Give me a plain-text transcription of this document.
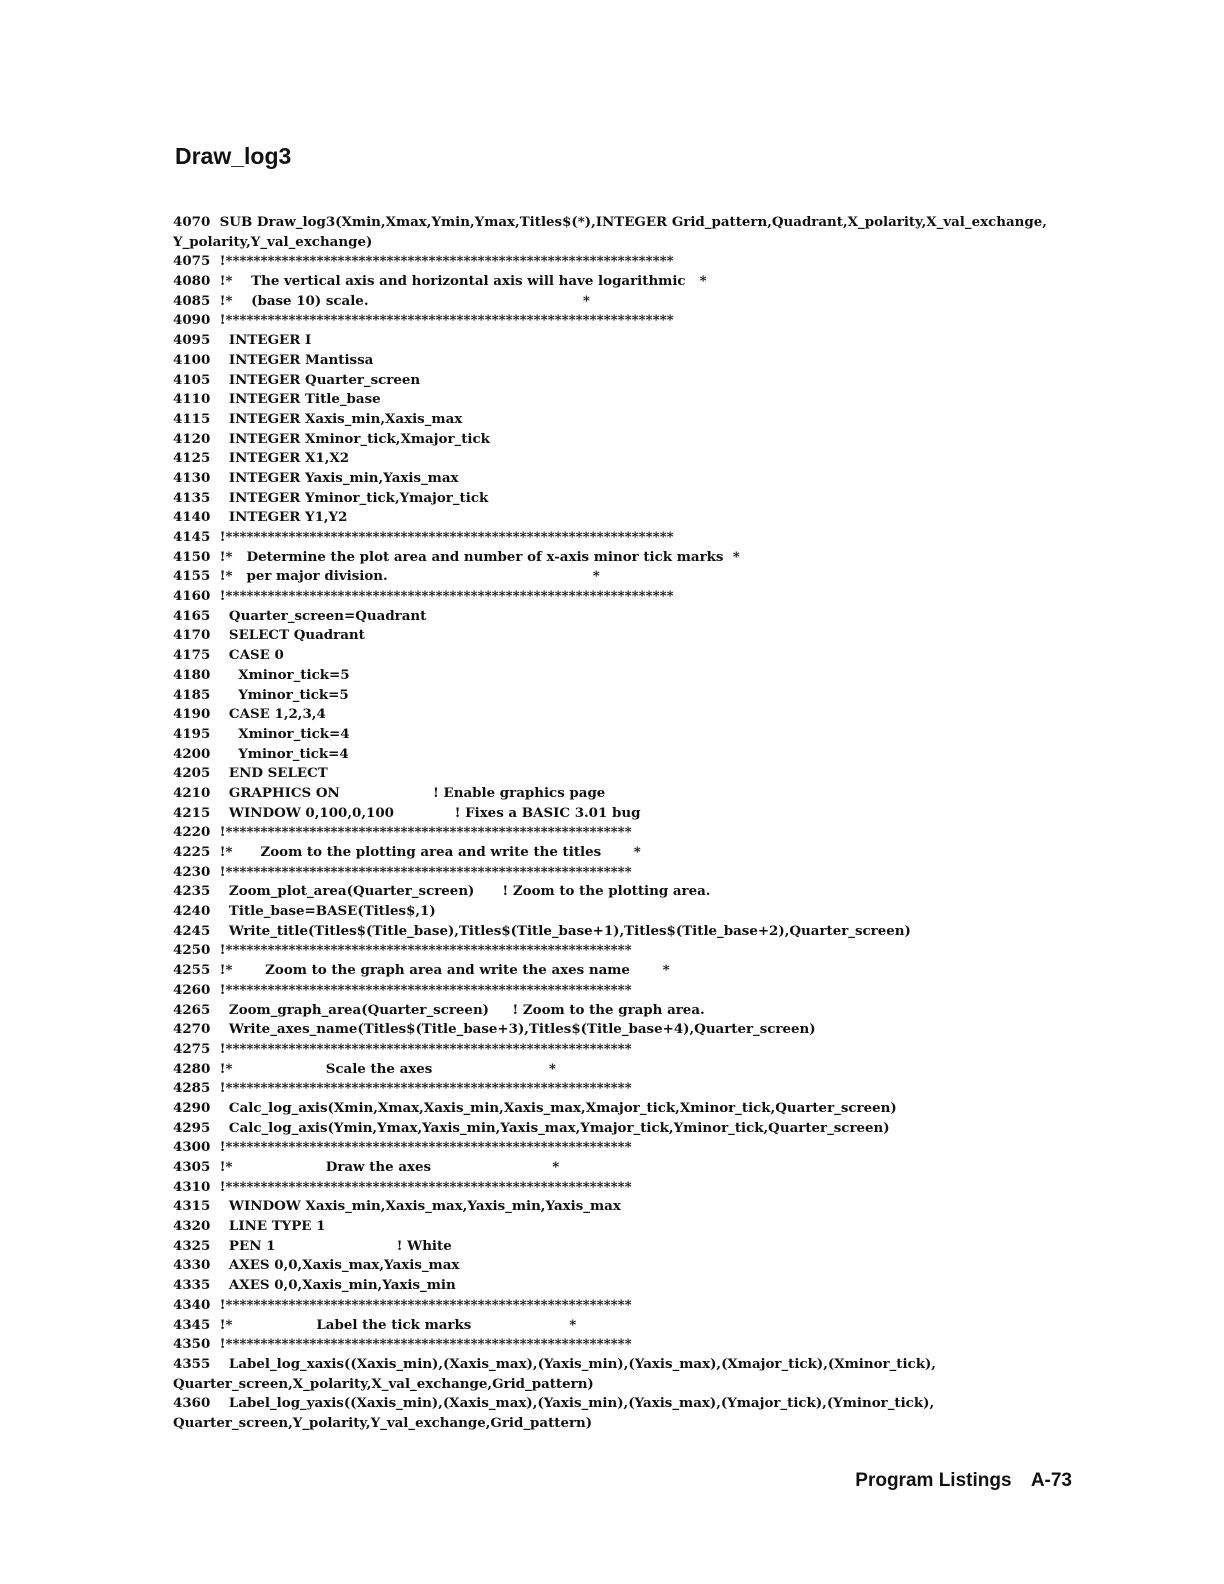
Draw_log3
4070  SUB Draw_log3(Xmin,Xmax,Ymin,Ymax,Titles$(*),INTEGER Grid_pattern,Quadrant,X_polarity,X_val_exchange,
Y_polarity,Y_val_exchange)
4075  !****************************************************************
4080  !*    The vertical axis and horizontal axis will have logarithmic   *
4085  !*    (base 10) scale.                                              *
4090  !****************************************************************
4095    INTEGER I
4100    INTEGER Mantissa
4105    INTEGER Quarter_screen
4110    INTEGER Title_base
4115    INTEGER Xaxis_min,Xaxis_max
4120    INTEGER Xminor_tick,Xmajor_tick
4125    INTEGER X1,X2
4130    INTEGER Yaxis_min,Yaxis_max
4135    INTEGER Yminor_tick,Ymajor_tick
4140    INTEGER Y1,Y2
4145  !****************************************************************
4150  !*   Determine the plot area and number of x-axis minor tick marks  *
4155  !*   per major division.                                            *
4160  !****************************************************************
4165    Quarter_screen=Quadrant
4170    SELECT Quadrant
4175    CASE 0
4180      Xminor_tick=5
4185      Yminor_tick=5
4190    CASE 1,2,3,4
4195      Xminor_tick=4
4200      Yminor_tick=4
4205    END SELECT
4210    GRAPHICS ON                    ! Enable graphics page
4215    WINDOW 0,100,0,100             ! Fixes a BASIC 3.01 bug
4220  !**********************************************************
4225  !*      Zoom to the plotting area and write the titles       *
4230  !**********************************************************
4235    Zoom_plot_area(Quarter_screen)      ! Zoom to the plotting area.
4240    Title_base=BASE(Titles$,1)
4245    Write_title(Titles$(Title_base),Titles$(Title_base+1),Titles$(Title_base+2),Quarter_screen)
4250  !**********************************************************
4255  !*       Zoom to the graph area and write the axes name       *
4260  !**********************************************************
4265    Zoom_graph_area(Quarter_screen)     ! Zoom to the graph area.
4270    Write_axes_name(Titles$(Title_base+3),Titles$(Title_base+4),Quarter_screen)
4275  !**********************************************************
4280  !*                    Scale the axes                         *
4285  !**********************************************************
4290    Calc_log_axis(Xmin,Xmax,Xaxis_min,Xaxis_max,Xmajor_tick,Xminor_tick,Quarter_screen)
4295    Calc_log_axis(Ymin,Ymax,Yaxis_min,Yaxis_max,Ymajor_tick,Yminor_tick,Quarter_screen)
4300  !**********************************************************
4305  !*                    Draw the axes                          *
4310  !**********************************************************
4315    WINDOW Xaxis_min,Xaxis_max,Yaxis_min,Yaxis_max
4320    LINE TYPE 1
4325    PEN 1                          ! White
4330    AXES 0,0,Xaxis_max,Yaxis_max
4335    AXES 0,0,Xaxis_min,Yaxis_min
4340  !**********************************************************
4345  !*                  Label the tick marks                     *
4350  !**********************************************************
4355    Label_log_xaxis((Xaxis_min),(Xaxis_max),(Yaxis_min),(Yaxis_max),(Xmajor_tick),(Xminor_tick),
Quarter_screen,X_polarity,X_val_exchange,Grid_pattern)
4360    Label_log_yaxis((Xaxis_min),(Xaxis_max),(Yaxis_min),(Yaxis_max),(Ymajor_tick),(Yminor_tick),
Quarter_screen,Y_polarity,Y_val_exchange,Grid_pattern)
Program Listings A-73
